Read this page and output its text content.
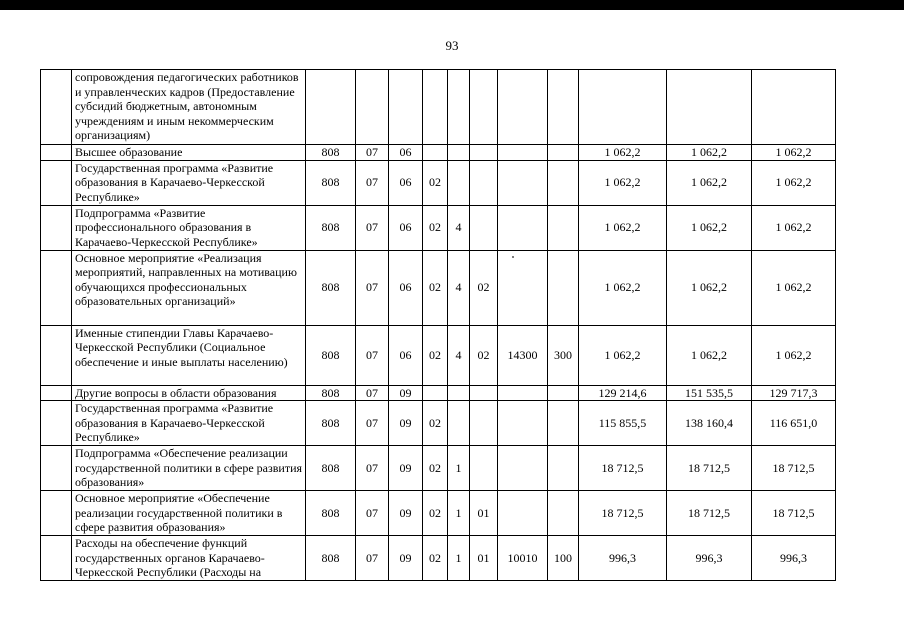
93
	сопровождения педагогических работников и управленческих кадров (Предоставление субсидий бюджетным, автономным учреждениям и иным некоммерческим организациям)											
	Высшее образование	808	07	06						1 062,2	1 062,2	1 062,2
	Государственная программа «Развитие образования в Карачаево-Черкесской Республике»	808	07	06	02					1 062,2	1 062,2	1 062,2
	Подпрограмма «Развитие профессионального образования в Карачаево-Черкесской Республике»	808	07	06	02	4				1 062,2	1 062,2	1 062,2
	Основное мероприятие «Реализация мероприятий, направленных на мотивацию обучающихся профессиональных образовательных организаций»	808	07	06	02	4	02			1 062,2	1 062,2	1 062,2
	Именные стипендии Главы Карачаево-Черкесской Республики (Социальное обеспечение и иные выплаты населению)	808	07	06	02	4	02	14300	300	1 062,2	1 062,2	1 062,2
	Другие вопросы в области образования	808	07	09						129 214,6	151 535,5	129 717,3
	Государственная программа «Развитие образования в Карачаево-Черкесской Республике»	808	07	09	02					115 855,5	138 160,4	116 651,0
	Подпрограмма «Обеспечение реализации государственной политики в сфере развития образования»	808	07	09	02	1				18 712,5	18 712,5	18 712,5
	Основное мероприятие «Обеспечение реализации государственной политики в сфере развития образования»	808	07	09	02	1	01			18 712,5	18 712,5	18 712,5
	Расходы на обеспечение функций государственных органов Карачаево-Черкесской Республики (Расходы на	808	07	09	02	1	01	10010	100	996,3	996,3	996,3
